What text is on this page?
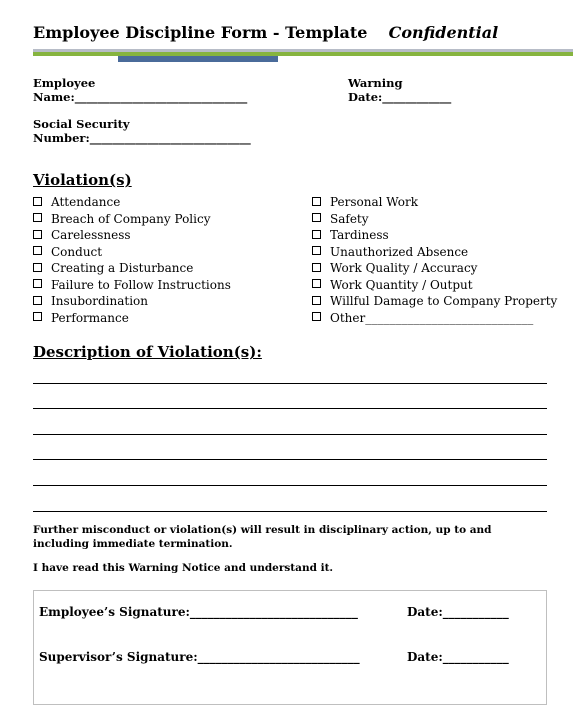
Employee Discipline Form - Template Confidential
Employee
Name:______________________________
Warning
Date:____________
Social Security
Number:____________________________
Violation(s)
Attendance
Breach of Company Policy
Carelessness
Conduct
Creating a Disturbance
Failure to Follow Instructions
Insubordination
Performance
Personal Work
Safety
Tardiness
Unauthorized Absence
Work Quality / Accuracy
Work Quantity / Output
Willful Damage to Company Property
Other____________________________
Description of Violation(s):
Further misconduct or violation(s) will result in disciplinary action, up to and including immediate termination.
I have read this Warning Notice and understand it.
Employee’s Signature:____________________________	Date:___________
Supervisor’s Signature:___________________________	Date:___________
